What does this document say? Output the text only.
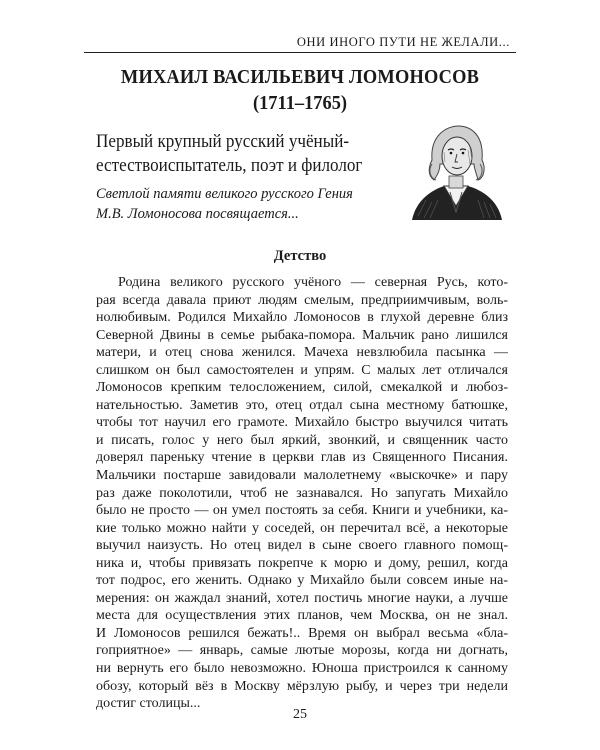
ОНИ ИНОГО ПУТИ НЕ ЖЕЛАЛИ...
МИХАИЛ ВАСИЛЬЕВИЧ ЛОМОНОСОВ
(1711–1765)
Первый крупный русский учёный-
естествоиспытатель, поэт и филолог
Светлой памяти великого русского Гения
М.В. Ломоносова посвящается...
Детство
Родина великого русского учёного — северная Русь, кото-
рая всегда давала приют людям смелым, предприимчивым, воль-
нолюбивым. Родился Михайло Ломоносов в глухой деревне близ
Северной Двины в семье рыбака-помора. Мальчик рано лишился
матери, и отец снова женился. Мачеха невзлюбила пасынка —
слишком он был самостоятелен и упрям. С малых лет отличался
Ломоносов крепким телосложением, силой, смекалкой и любоз-
нательностью. Заметив это, отец отдал сына местному батюшке,
чтобы тот научил его грамоте. Михайло быстро выучился читать
и писать, голос у него был яркий, звонкий, и священник часто
доверял пареньку чтение в церкви глав из Священного Писания.
Мальчики постарше завидовали малолетнему «выскочке» и пару
раз даже поколотили, чтоб не зазнавался. Но запугать Михайло
было не просто — он умел постоять за себя. Книги и учебники, ка-
кие только можно найти у соседей, он перечитал всё, а некоторые
выучил наизусть. Но отец видел в сыне своего главного помощ-
ника и, чтобы привязать покрепче к морю и дому, решил, когда
тот подрос, его женить. Однако у Михайло были совсем иные на-
мерения: он жаждал знаний, хотел постичь многие науки, а лучше
места для осуществления этих планов, чем Москва, он не знал.
И Ломоносов решился бежать!.. Время он выбрал весьма «бла-
гоприятное» — январь, самые лютые морозы, когда ни догнать,
ни вернуть его было невозможно. Юноша пристроился к санному
обозу, который вёз в Москву мёрзлую рыбу, и через три недели
достиг столицы...
25
